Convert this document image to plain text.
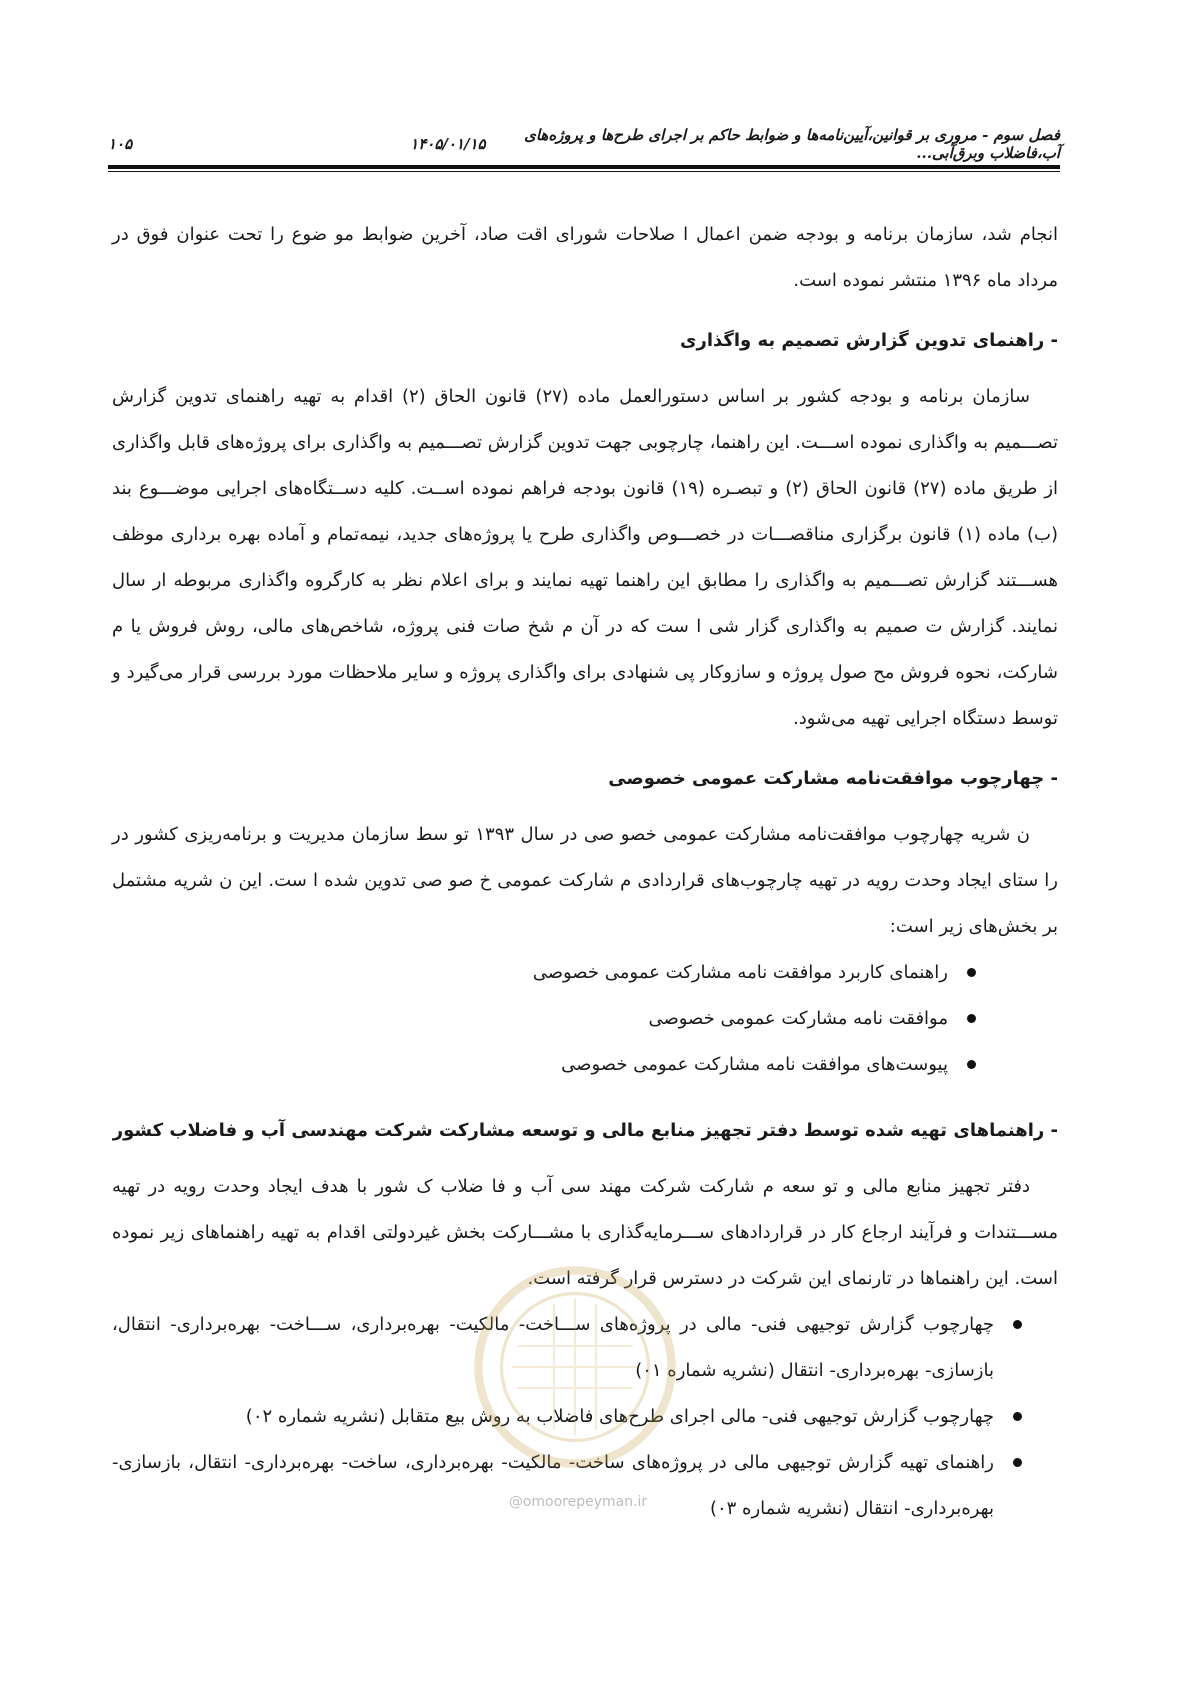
فصل سوم - مروری بر قوانین،آیین‌نامه‌ها و ضوابط حاکم بر اجرای طرح‌ها و پروژه‌های آب،فاضلاب وبرق‌آبی...
۱۴۰۵/۰۱/۱۵
۱۰۵

انجام شد، سازمان برنامه و بودجه ضمن اعمال ا صلاحات شورای اقت صاد، آخرین ضوابط مو ضوع را تحت عنوان فوق در مرداد ماه ۱۳۹۶ منتشر نموده است.

- راهنمای تدوین گزارش تصمیم به واگذاری

سازمان برنامه و بودجه کشور بر اساس دستورالعمل ماده (۲۷) قانون الحاق (۲) اقدام به تهیه راهنمای تدوین گزارش تصـــمیم به واگذاری نموده اســـت. این راهنما، چارچوبی جهت تدوین گزارش تصـــمیم به واگذاری برای پروژه‌های قابل واگذاری از طریق ماده (۲۷) قانون الحاق (۲) و تبصـره (۱۹) قانون بودجه فراهم نموده اســت. کلیه دســتگاه‌های اجرایی موضـــوع بند (ب) ماده (۱) قانون برگزاری مناقصـــات در خصـــوص واگذاری طرح یا پروژه‌های جدید، نیمه‌تمام و آماده بهره برداری موظف هســـتند گزارش تصـــمیم به واگذاری را مطابق این راهنما تهیه نمایند و برای اعلام نظر به کارگروه واگذاری مربوطه ار سال نمایند. گزارش ت صمیم به واگذاری گزار شی ا ست که در آن م شخ صات فنی پروژه، شاخص‌های مالی، روش فروش یا م شارکت، نحوه فروش مح صول پروژه و سازوکار پی شنهادی برای واگذاری پروژه و سایر ملاحظات مورد بررسی قرار می‌گیرد و توسط دستگاه اجرایی تهیه می‌شود.

- چهارچوب موافقت‌نامه مشارکت عمومی خصوصی

ن شریه چهارچوب موافقت‌نامه مشارکت عمومی خصو صی در سال ۱۳۹۳ تو سط سازمان مدیریت و برنامه‌ریزی کشور در را ستای ایجاد وحدت رویه در تهیه چارچوب‌های قراردادی م شارکت عمومی خ صو صی تدوین شده ا ست. این ن شریه مشتمل بر بخش‌های زیر است:

راهنمای کاربرد موافقت نامه مشارکت عمومی خصوصی
موافقت نامه مشارکت عمومی خصوصی
پیوست‌های موافقت نامه مشارکت عمومی خصوصی
- راهنماهای تهیه شده توسط دفتر تجهیز منابع مالی و توسعه مشارکت شرکت مهندسی آب و فاضلاب کشور

دفتر تجهیز منابع مالی و تو سعه م شارکت شرکت مهند سی آب و فا ضلاب ک شور با هدف ایجاد وحدت رویه در تهیه مســـتندات و فرآیند ارجاع کار در قراردادهای ســـرمایه‌گذاری با مشـــارکت بخش غیردولتی اقدام به تهیه راهنماهای زیر نموده است. این راهنماها در تارنمای این شرکت در دسترس قرار گرفته است.

چهارچوب گزارش توجیهی فنی- مالی در پروژه‌های ســـاخت- مالکیت- بهره‌برداری، ســـاخت- بهره‌برداری- انتقال، بازسازی- بهره‌برداری- انتقال (نشریه شماره ۰۱)
چهارچوب گزارش توجیهی فنی- مالی اجرای طرح‌های فاضلاب به روش بیع متقابل (نشریه شماره ۰۲)
راهنمای تهیه گزارش توجیهی مالی در پروژه‌های ساخت- مالکیت- بهره‌برداری، ساخت- بهره‌برداری- انتقال، بازسازی- بهره‌برداری- انتقال (نشریه شماره ۰۳)
@omoorepeyman.ir
